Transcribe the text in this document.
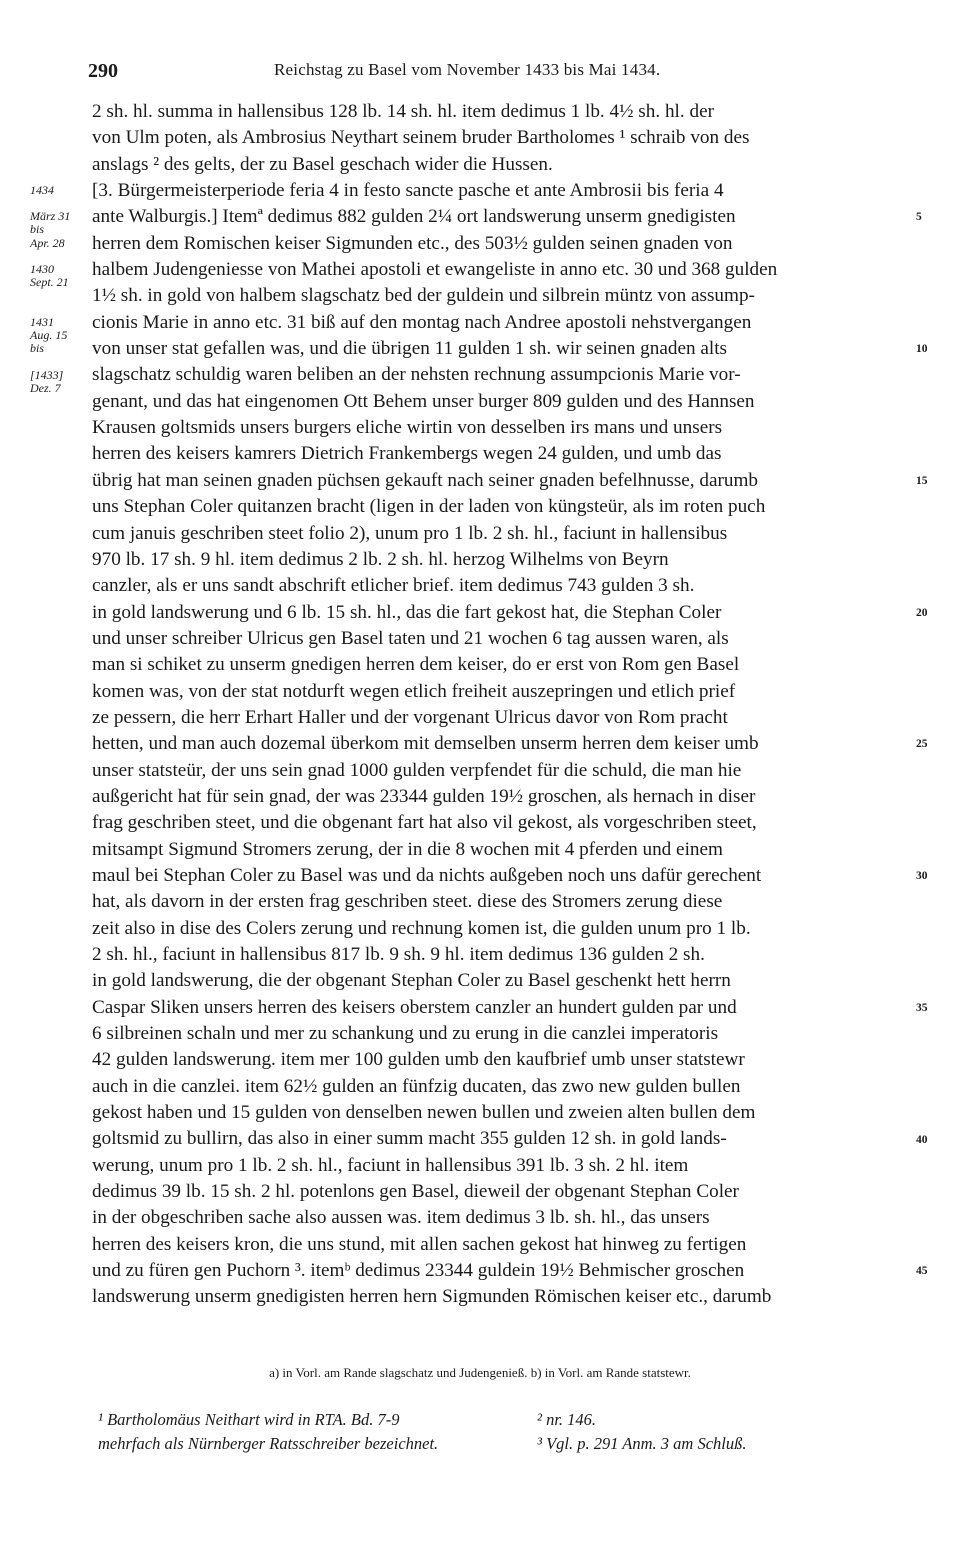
290	Reichstag zu Basel vom November 1433 bis Mai 1434.
2 sh. hl. summa in hallensibus 128 lb. 14 sh. hl. item dedimus 1 lb. 4½ sh. hl. der
von Ulm poten, als Ambrosius Neythart seinem bruder Bartholomes ¹ schraib von des
anslags ² des gelts, der zu Basel geschach wider die Hussen.
[3. Bürgermeisterperiode feria 4 in festo sancte pasche et ante Ambrosii bis feria 4
ante Walburgis.] Itemª dedimus 882 gulden 2¼ ort landswerung unserm gnedigisten
herren dem Romischen keiser Sigmunden etc., des 503½ gulden seinen gnaden von
halbem Judengeniesse von Mathei apostoli et ewangeliste in anno etc. 30 und 368 gulden
1½ sh. in gold von halbem slagschatz bed der guldein und silbrein müntz von assump-
cionis Marie in anno etc. 31 biß auf den montag nach Andree apostoli nehstvergangen
von unser stat gefallen was, und die übrigen 11 gulden 1 sh. wir seinen gnaden alts
slagschatz schuldig waren beliben an der nehsten rechnung assumpcionis Marie vor-
genant, und das hat eingenomen Ott Behem unser burger 809 gulden und des Hannsen
Krausen goltsmids unsers burgers eliche wirtin von desselben irs mans und unsers
herren des keisers kamrers Dietrich Frankembergs wegen 24 gulden, und umb das
übrig hat man seinen gnaden püchsen gekauft nach seiner gnaden befelhnusse, darumb
uns Stephan Coler quitanzen bracht (ligen in der laden von küngsteür, als im roten puch
cum januis geschriben steet folio 2), unum pro 1 lb. 2 sh. hl., faciunt in hallensibus
970 lb. 17 sh. 9 hl. item dedimus 2 lb. 2 sh. hl. herzog Wilhelms von Beyrn
canzler, als er uns sandt abschrift etlicher brief. item dedimus 743 gulden 3 sh.
in gold landswerung und 6 lb. 15 sh. hl., das die fart gekost hat, die Stephan Coler
und unser schreiber Ulricus gen Basel taten und 21 wochen 6 tag aussen waren, als
man si schiket zu unserm gnedigen herren dem keiser, do er erst von Rom gen Basel
komen was, von der stat notdurft wegen etlich freiheit auszepringen und etlich prief
ze pessern, die herr Erhart Haller und der vorgenant Ulricus davor von Rom pracht
hetten, und man auch dozemal überkom mit demselben unserm herren dem keiser umb
unser statsteür, der uns sein gnad 1000 gulden verpfendet für die schuld, die man hie
außgericht hat für sein gnad, der was 23344 gulden 19½ groschen, als hernach in diser
frag geschriben steet, und die obgenant fart hat also vil gekost, als vorgeschriben steet,
mitsampt Sigmund Stromers zerung, der in die 8 wochen mit 4 pferden und einem
maul bei Stephan Coler zu Basel was und da nichts außgeben noch uns dafür gerechent
hat, als davorn in der ersten frag geschriben steet. diese des Stromers zerung diese
zeit also in dise des Colers zerung und rechnung komen ist, die gulden unum pro 1 lb.
2 sh. hl., faciunt in hallensibus 817 lb. 9 sh. 9 hl. item dedimus 136 gulden 2 sh.
in gold landswerung, die der obgenant Stephan Coler zu Basel geschenkt hett herrn
Caspar Sliken unsers herren des keisers oberstem canzler an hundert gulden par und
6 silbreinen schaln und mer zu schankung und zu erung in die canzlei imperatoris
42 gulden landswerung. item mer 100 gulden umb den kaufbrief umb unser statstewr
auch in die canzlei. item 62½ gulden an fünfzig ducaten, das zwo new gulden bullen
gekost haben und 15 gulden von denselben newen bullen und zweien alten bullen dem
goltsmid zu bullirn, das also in einer summ macht 355 gulden 12 sh. in gold lands-
werung, unum pro 1 lb. 2 sh. hl., faciunt in hallensibus 391 lb. 3 sh. 2 hl. item
dedimus 39 lb. 15 sh. 2 hl. potenlons gen Basel, dieweil der obgenant Stephan Coler
in der obgeschriben sache also aussen was. item dedimus 3 lb. sh. hl., das unsers
herren des keisers kron, die uns stund, mit allen sachen gekost hat hinweg zu fertigen
und zu füren gen Puchorn ³. itemᵇ dedimus 23344 guldein 19½ Behmischer groschen
landswerung unserm gnedigisten herren hern Sigmunden Römischen keiser etc., darumb
1434
März 31
bis
Apr. 28
1430
Sept. 21
1431
Aug. 15
bis
[1433]
Dez. 7
5
10
15
20
25
30
35
40
45
a) in Vorl. am Rande slagschatz und Judengenieß. b) in Vorl. am Rande statstewr.
¹ Bartholomäus Neithart wird in RTA. Bd. 7-9
mehrfach als Nürnberger Ratsschreiber bezeichnet.
² nr. 146.
³ Vgl. p. 291 Anm. 3 am Schluß.
